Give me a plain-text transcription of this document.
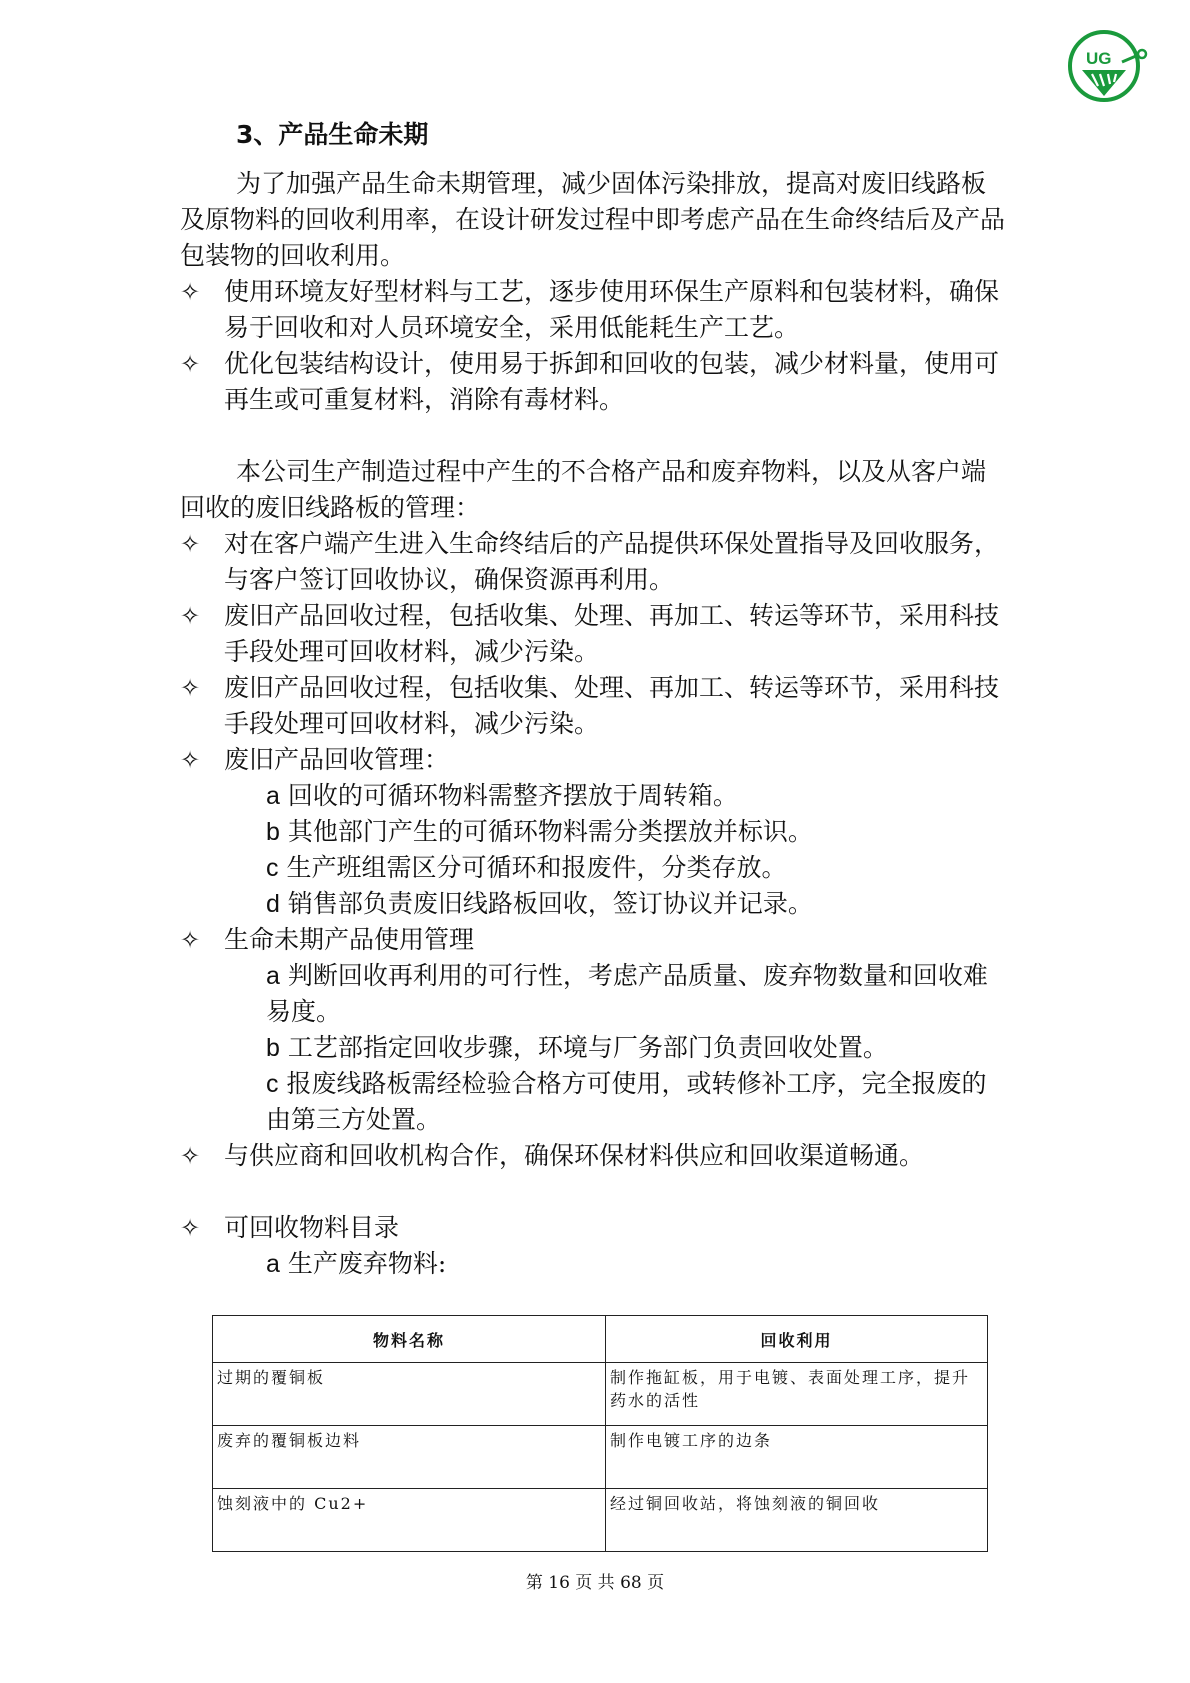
UG
3、产品生命未期

为了加强产品生命未期管理，减少固体污染排放，提高对废旧线路板及原物料的回收利用率，在设计研发过程中即考虑产品在生命终结后及产品包装物的回收利用。

✧ 使用环境友好型材料与工艺，逐步使用环保生产原料和包装材料，确保易于回收和对人员环境安全，采用低能耗生产工艺。
✧ 优化包装结构设计，使用易于拆卸和回收的包装，减少材料量，使用可再生或可重复材料，消除有毒材料。

本公司生产制造过程中产生的不合格产品和废弃物料，以及从客户端回收的废旧线路板的管理：

✧ 对在客户端产生进入生命终结后的产品提供环保处置指导及回收服务，与客户签订回收协议，确保资源再利用。
✧ 废旧产品回收过程，包括收集、处理、再加工、转运等环节，采用科技手段处理可回收材料，减少污染。
✧ 废旧产品回收过程，包括收集、处理、再加工、转运等环节，采用科技手段处理可回收材料，减少污染。
✧ 废旧产品回收管理：
a 回收的可循环物料需整齐摆放于周转箱。
b 其他部门产生的可循环物料需分类摆放并标识。
c 生产班组需区分可循环和报废件，分类存放。
d 销售部负责废旧线路板回收，签订协议并记录。
✧ 生命未期产品使用管理
a 判断回收再利用的可行性，考虑产品质量、废弃物数量和回收难易度。
b 工艺部指定回收步骤，环境与厂务部门负责回收处置。
c 报废线路板需经检验合格方可使用，或转修补工序，完全报废的由第三方处置。
✧ 与供应商和回收机构合作，确保环保材料供应和回收渠道畅通。
✧ 可回收物料目录
a 生产废弃物料:
物料名称	回收利用
过期的覆铜板	制作拖缸板，用于电镀、表面处理工序，提升药水的活性
废弃的覆铜板边料	制作电镀工序的边条
蚀刻液中的 Cu2+	经过铜回收站，将蚀刻液的铜回收
第 16 页 共 68 页
